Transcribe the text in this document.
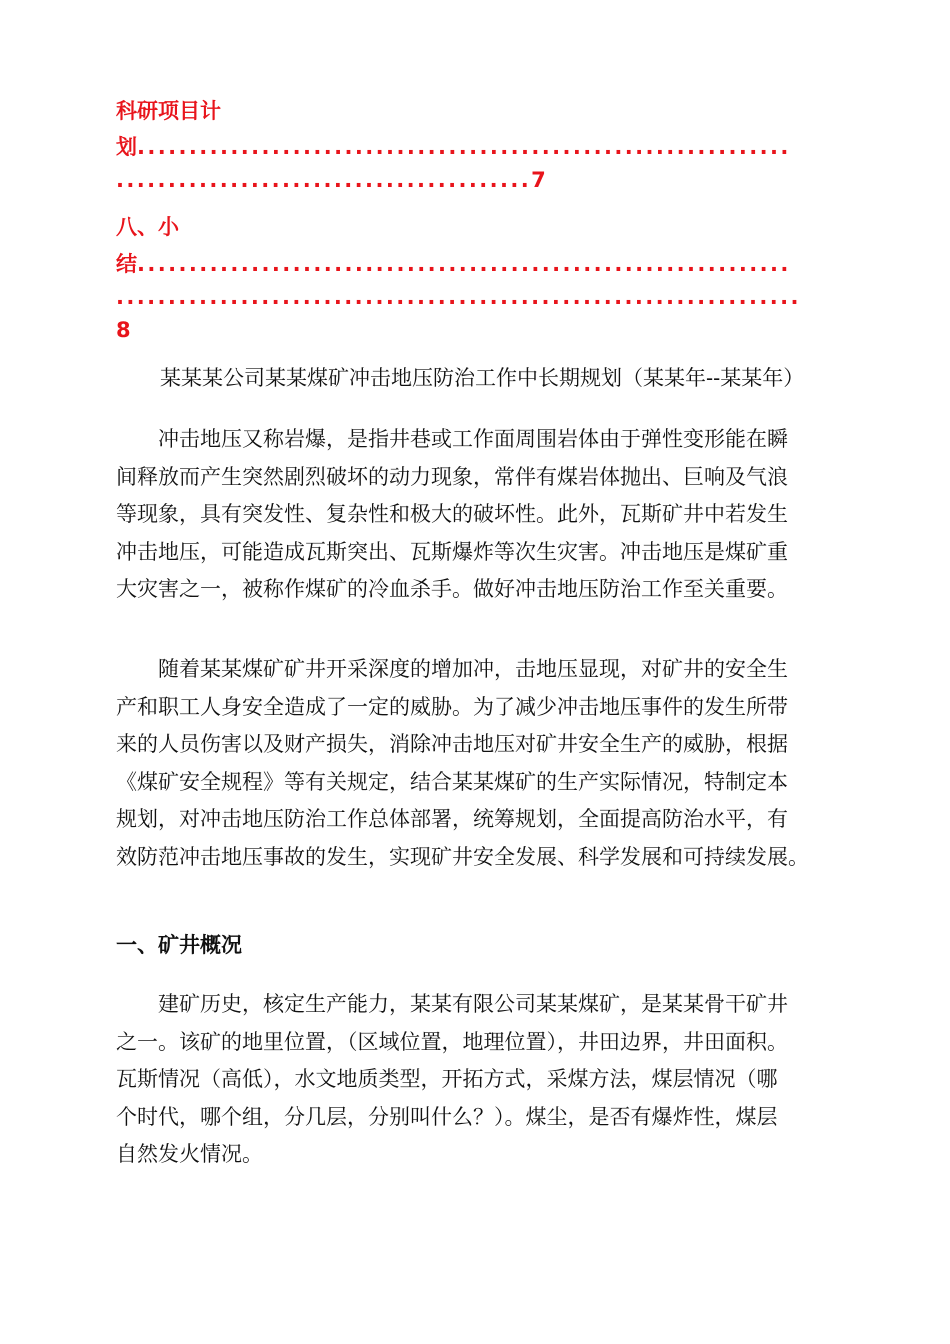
科研项目计
划...............................................................
........................................7
八、小
结...............................................................
..................................................................
8

某某某公司某某煤矿冲击地压防治工作中长期规划（某某年--某某年）

　　冲击地压又称岩爆，是指井巷或工作面周围岩体由于弹性变形能在瞬
间释放而产生突然剧烈破坏的动力现象，常伴有煤岩体抛出、巨响及气浪
等现象，具有突发性、复杂性和极大的破坏性。此外，瓦斯矿井中若发生
冲击地压，可能造成瓦斯突出、瓦斯爆炸等次生灾害。冲击地压是煤矿重
大灾害之一，被称作煤矿的冷血杀手。做好冲击地压防治工作至关重要。

　　随着某某煤矿矿井开采深度的增加冲，击地压显现，对矿井的安全生
产和职工人身安全造成了一定的威胁。为了减少冲击地压事件的发生所带
来的人员伤害以及财产损失，消除冲击地压对矿井安全生产的威胁，根据
《煤矿安全规程》等有关规定，结合某某煤矿的生产实际情况，特制定本
规划，对冲击地压防治工作总体部署，统筹规划，全面提高防治水平，有
效防范冲击地压事故的发生，实现矿井安全发展、科学发展和可持续发展。

一、矿井概况

　　建矿历史，核定生产能力，某某有限公司某某煤矿，是某某骨干矿井
之一。该矿的地里位置，（区域位置，地理位置），井田边界，井田面积。
瓦斯情况（高低），水文地质类型，开拓方式，采煤方法，煤层情况（哪
个时代，哪个组，分几层，分别叫什么？）。煤尘，是否有爆炸性，煤层
自然发火情况。
